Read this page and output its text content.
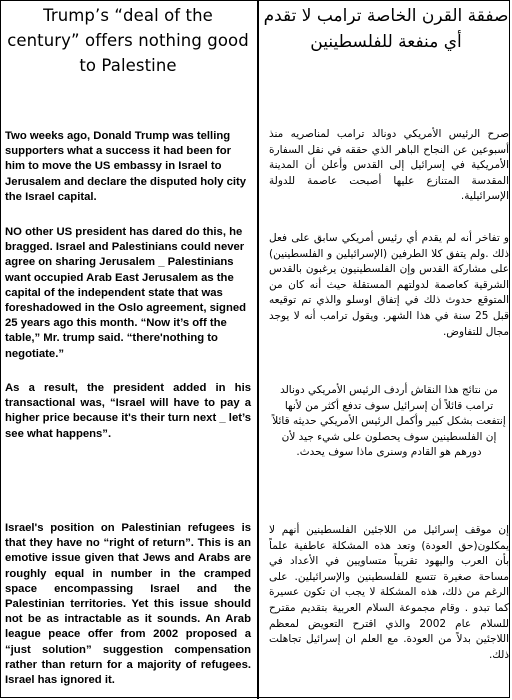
Trump’s “deal of the century” offers nothing good to Palestine

Two weeks ago, Donald Trump was telling supporters what a success it had been for him to move the US embassy in Israel to Jerusalem and declare the disputed holy city the Israel capital.

NO other US president has dared do this, he bragged. Israel and Palestinians could never agree on sharing Jerusalem _ Palestinians want occupied Arab East Jerusalem as the capital of the independent state that was foreshadowed in the Oslo agreement, signed 25 years ago this month. “Now it’s off the table,” Mr. trump said. “there'nothing to negotiate.”

As a result, the president added in his transactional was, “Israel will have to pay a higher price because it's their turn next _ let’s see what happens”.

Israel's position on Palestinian refugees is that they have no “right of return”. This is an emotive issue given that Jews and Arabs are roughly equal in number in the cramped space encompassing Israel and the Palestinian territories. Yet this issue should not be as intractable as it sounds. An Arab league peace offer from 2002 proposed a “just solution” suggestion compensation rather than return for a majority of refugees. Israel has ignored it.

صفقة القرن الخاصة ترامب لا تقدم أي منفعة للفلسطينين

صرح الرئيس الأمريكي دونالد ترامب لمناصريه منذ أسبوعين عن النجاح الباهر الذي حققه في نقل السفارة الأمريكية في إسرائيل إلى القدس وأعلن أن المدينة المقدسة المتنازع عليها أصبحت عاصمة للدولة الإسرائيلية.

و تفاخر أنه لم يقدم أي رئيس أمريكي سابق على فعل ذلك .ولم يتفق كلا الطرفين (الإسرائيلين و الفلسطينين) على مشاركة القدس وإن الفلسطينيون يرغبون بالقدس الشرقية كعاصمة لدولتهم المستقلة حيث أنه كان من المتوقع حدوث ذلك في إتفاق اوسلو والذي تم توقيعه قبل 25 سنة في هذا الشهر. ويقول ترامب أنه لا يوجد مجال للتفاوض.

من نتائج هذا النقاش أردف الرئيس الأمريكي دونالد ترامب قائلاً أن إسرائيل سوف تدفع أكثر من لأنها إنتفعت بشكل كبير وأكمل الرئيس الأمريكي حديثه قائلاً إن الفلسطينين سوف يحصلون على شيء جيد لأن دورهم هو القادم وسنرى ماذا سوف يحدث.

إن موقف إسرائيل من اللاجئين الفلسطينين أنهم لا يمكلون(حق العودة) وتعد هذه المشكلة عاطفية علماً بأن العرب واليهود تقريباً متساويين في الأعداد في مساحة صغيرة تتسع للفلسطينين والإسرائيلين. على الرغم من ذلك، هذه المشكلة لا يجب ان تكون عسيرة كما تبدو . وقام مجموعة السلام العربية بتقديم مقترح للسلام عام 2002 والذي اقترح التعويض لمعظم اللاجئين بدلاً من العودة. مع العلم ان إسرائيل تجاهلت ذلك.
